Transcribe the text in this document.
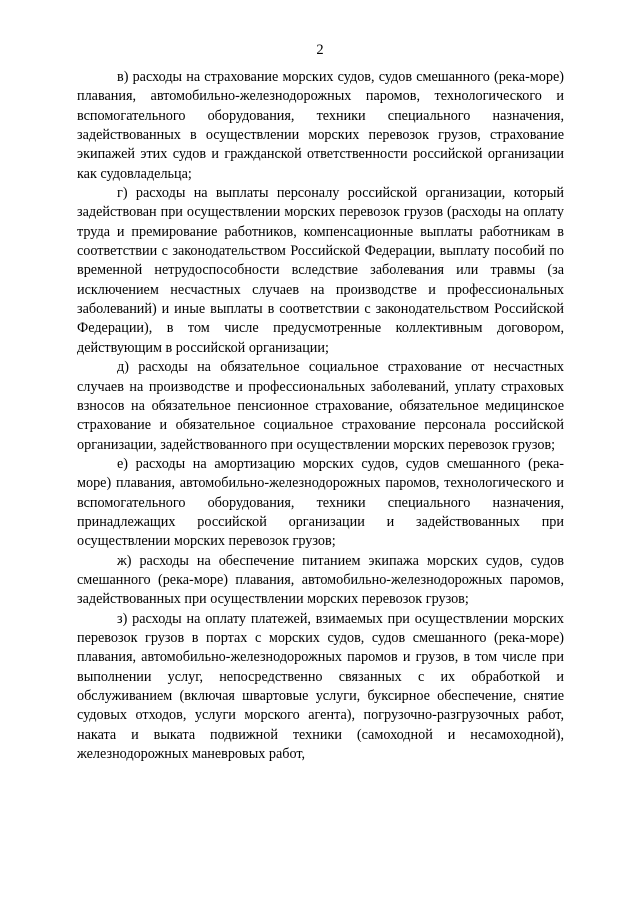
2

в) расходы на страхование морских судов, судов смешанного (река-море) плавания, автомобильно-железнодорожных паромов, технологического и вспомогательного оборудования, техники специального назначения, задействованных в осуществлении морских перевозок грузов, страхование экипажей этих судов и гражданской ответственности российской организации как судовладельца;

г) расходы на выплаты персоналу российской организации, который задействован при осуществлении морских перевозок грузов (расходы на оплату труда и премирование работников, компенсационные выплаты работникам в соответствии с законодательством Российской Федерации, выплату пособий по временной нетрудоспособности вследствие заболевания или травмы (за исключением несчастных случаев на производстве и профессиональных заболеваний) и иные выплаты в соответствии с законодательством Российской Федерации), в том числе предусмотренные коллективным договором, действующим в российской организации;

д) расходы на обязательное социальное страхование от несчастных случаев на производстве и профессиональных заболеваний, уплату страховых взносов на обязательное пенсионное страхование, обязательное медицинское страхование и обязательное социальное страхование персонала российской организации, задействованного при осуществлении морских перевозок грузов;

е) расходы на амортизацию морских судов, судов смешанного (река-море) плавания, автомобильно-железнодорожных паромов, технологического и вспомогательного оборудования, техники специального назначения, принадлежащих российской организации и задействованных при осуществлении морских перевозок грузов;

ж) расходы на обеспечение питанием экипажа морских судов, судов смешанного (река-море) плавания, автомобильно-железнодорожных паромов, задействованных при осуществлении морских перевозок грузов;

з) расходы на оплату платежей, взимаемых при осуществлении морских перевозок грузов в портах с морских судов, судов смешанного (река-море) плавания, автомобильно-железнодорожных паромов и грузов, в том числе при выполнении услуг, непосредственно связанных с их обработкой и обслуживанием (включая швартовые услуги, буксирное обеспечение, снятие судовых отходов, услуги морского агента), погрузочно-разгрузочных работ, наката и выката подвижной техники (самоходной и несамоходной), железнодорожных маневровых работ,
